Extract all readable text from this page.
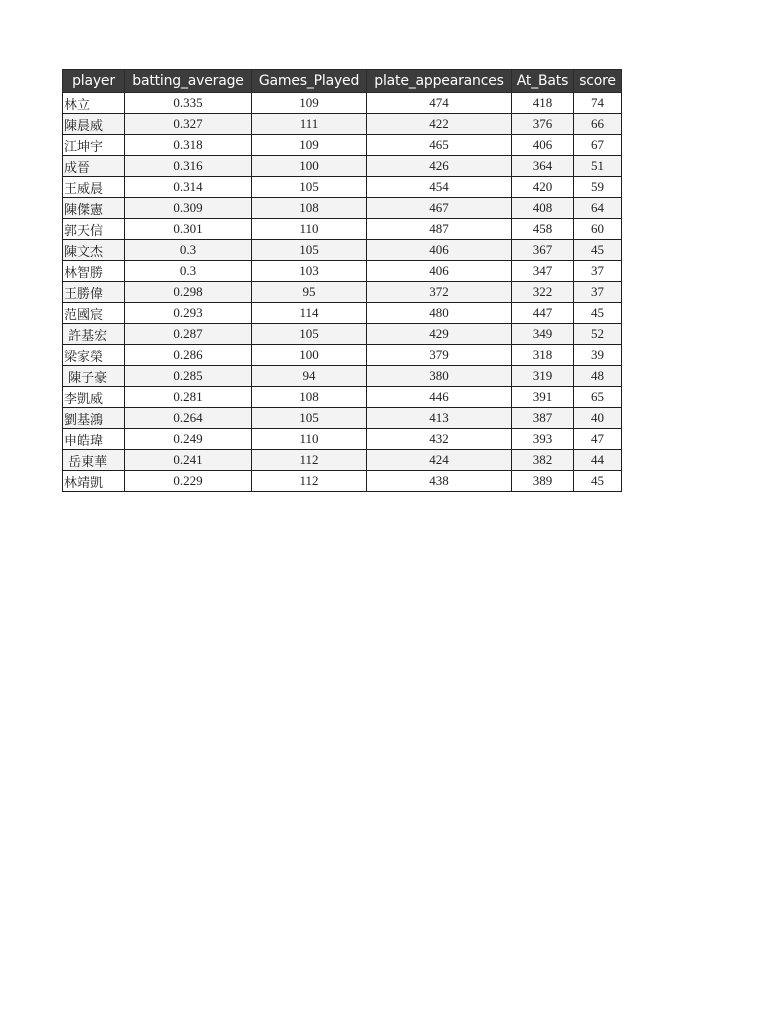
player	batting_average	Games_Played	plate_appearances	At_Bats	score
林立	0.335	109	474	418	74
陳晨威	0.327	111	422	376	66
江坤宇	0.318	109	465	406	67
成晉	0.316	100	426	364	51
王威晨	0.314	105	454	420	59
陳傑憲	0.309	108	467	408	64
郭天信	0.301	110	487	458	60
陳文杰	0.3	105	406	367	45
林智勝	0.3	103	406	347	37
王勝偉	0.298	95	372	322	37
范國宸	0.293	114	480	447	45
許基宏	0.287	105	429	349	52
梁家榮	0.286	100	379	318	39
陳子豪	0.285	94	380	319	48
李凱威	0.281	108	446	391	65
劉基鴻	0.264	105	413	387	40
申皓瑋	0.249	110	432	393	47
岳東華	0.241	112	424	382	44
林靖凱	0.229	112	438	389	45
